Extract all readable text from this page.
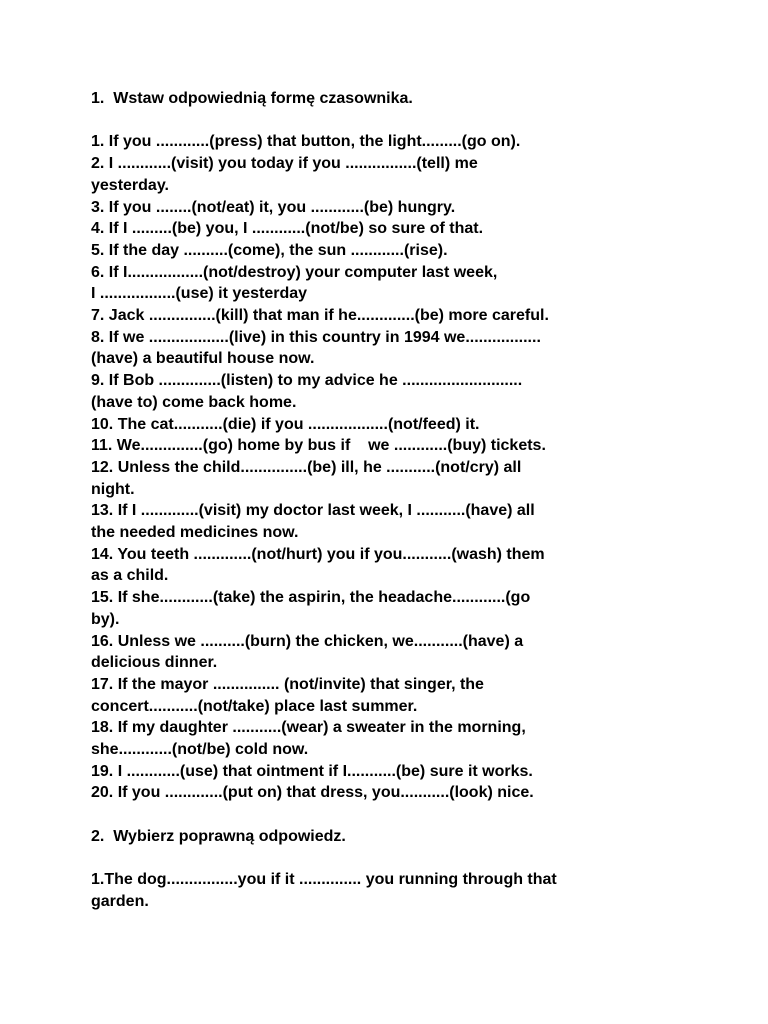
1.  Wstaw odpowiednią formę czasownika.

1. If you ............(press) that button, the light.........(go on).

2. I ............(visit) you today if you ................(tell) me

yesterday.

3. If you ........(not/eat) it, you ............(be) hungry.

4. If I .........(be) you, I ............(not/be) so sure of that.

5. If the day ..........(come), the sun ............(rise).

6. If I.................(not/destroy) your computer last week,

I .................(use) it yesterday

7. Jack ...............(kill) that man if he.............(be) more careful.

8. If we ..................(live) in this country in 1994 we.................

(have) a beautiful house now.

9. If Bob ..............(listen) to my advice he ...........................

(have to) come back home.

10. The cat...........(die) if you ..................(not/feed) it.

11. We..............(go) home by bus if    we ............(buy) tickets.

12. Unless the child...............(be) ill, he ...........(not/cry) all

night.

13. If I .............(visit) my doctor last week, I ...........(have) all

the needed medicines now.

14. You teeth .............(not/hurt) you if you...........(wash) them

as a child.

15. If she............(take) the aspirin, the headache............(go

by).

16. Unless we ..........(burn) the chicken, we...........(have) a

delicious dinner.

17. If the mayor ............... (not/invite) that singer, the

concert...........(not/take) place last summer.

18. If my daughter ...........(wear) a sweater in the morning,

she............(not/be) cold now.

19. I ............(use) that ointment if I...........(be) sure it works.

20. If you .............(put on) that dress, you...........(look) nice.

2.  Wybierz poprawną odpowiedz.

1.The dog................you if it .............. you running through that

garden.
